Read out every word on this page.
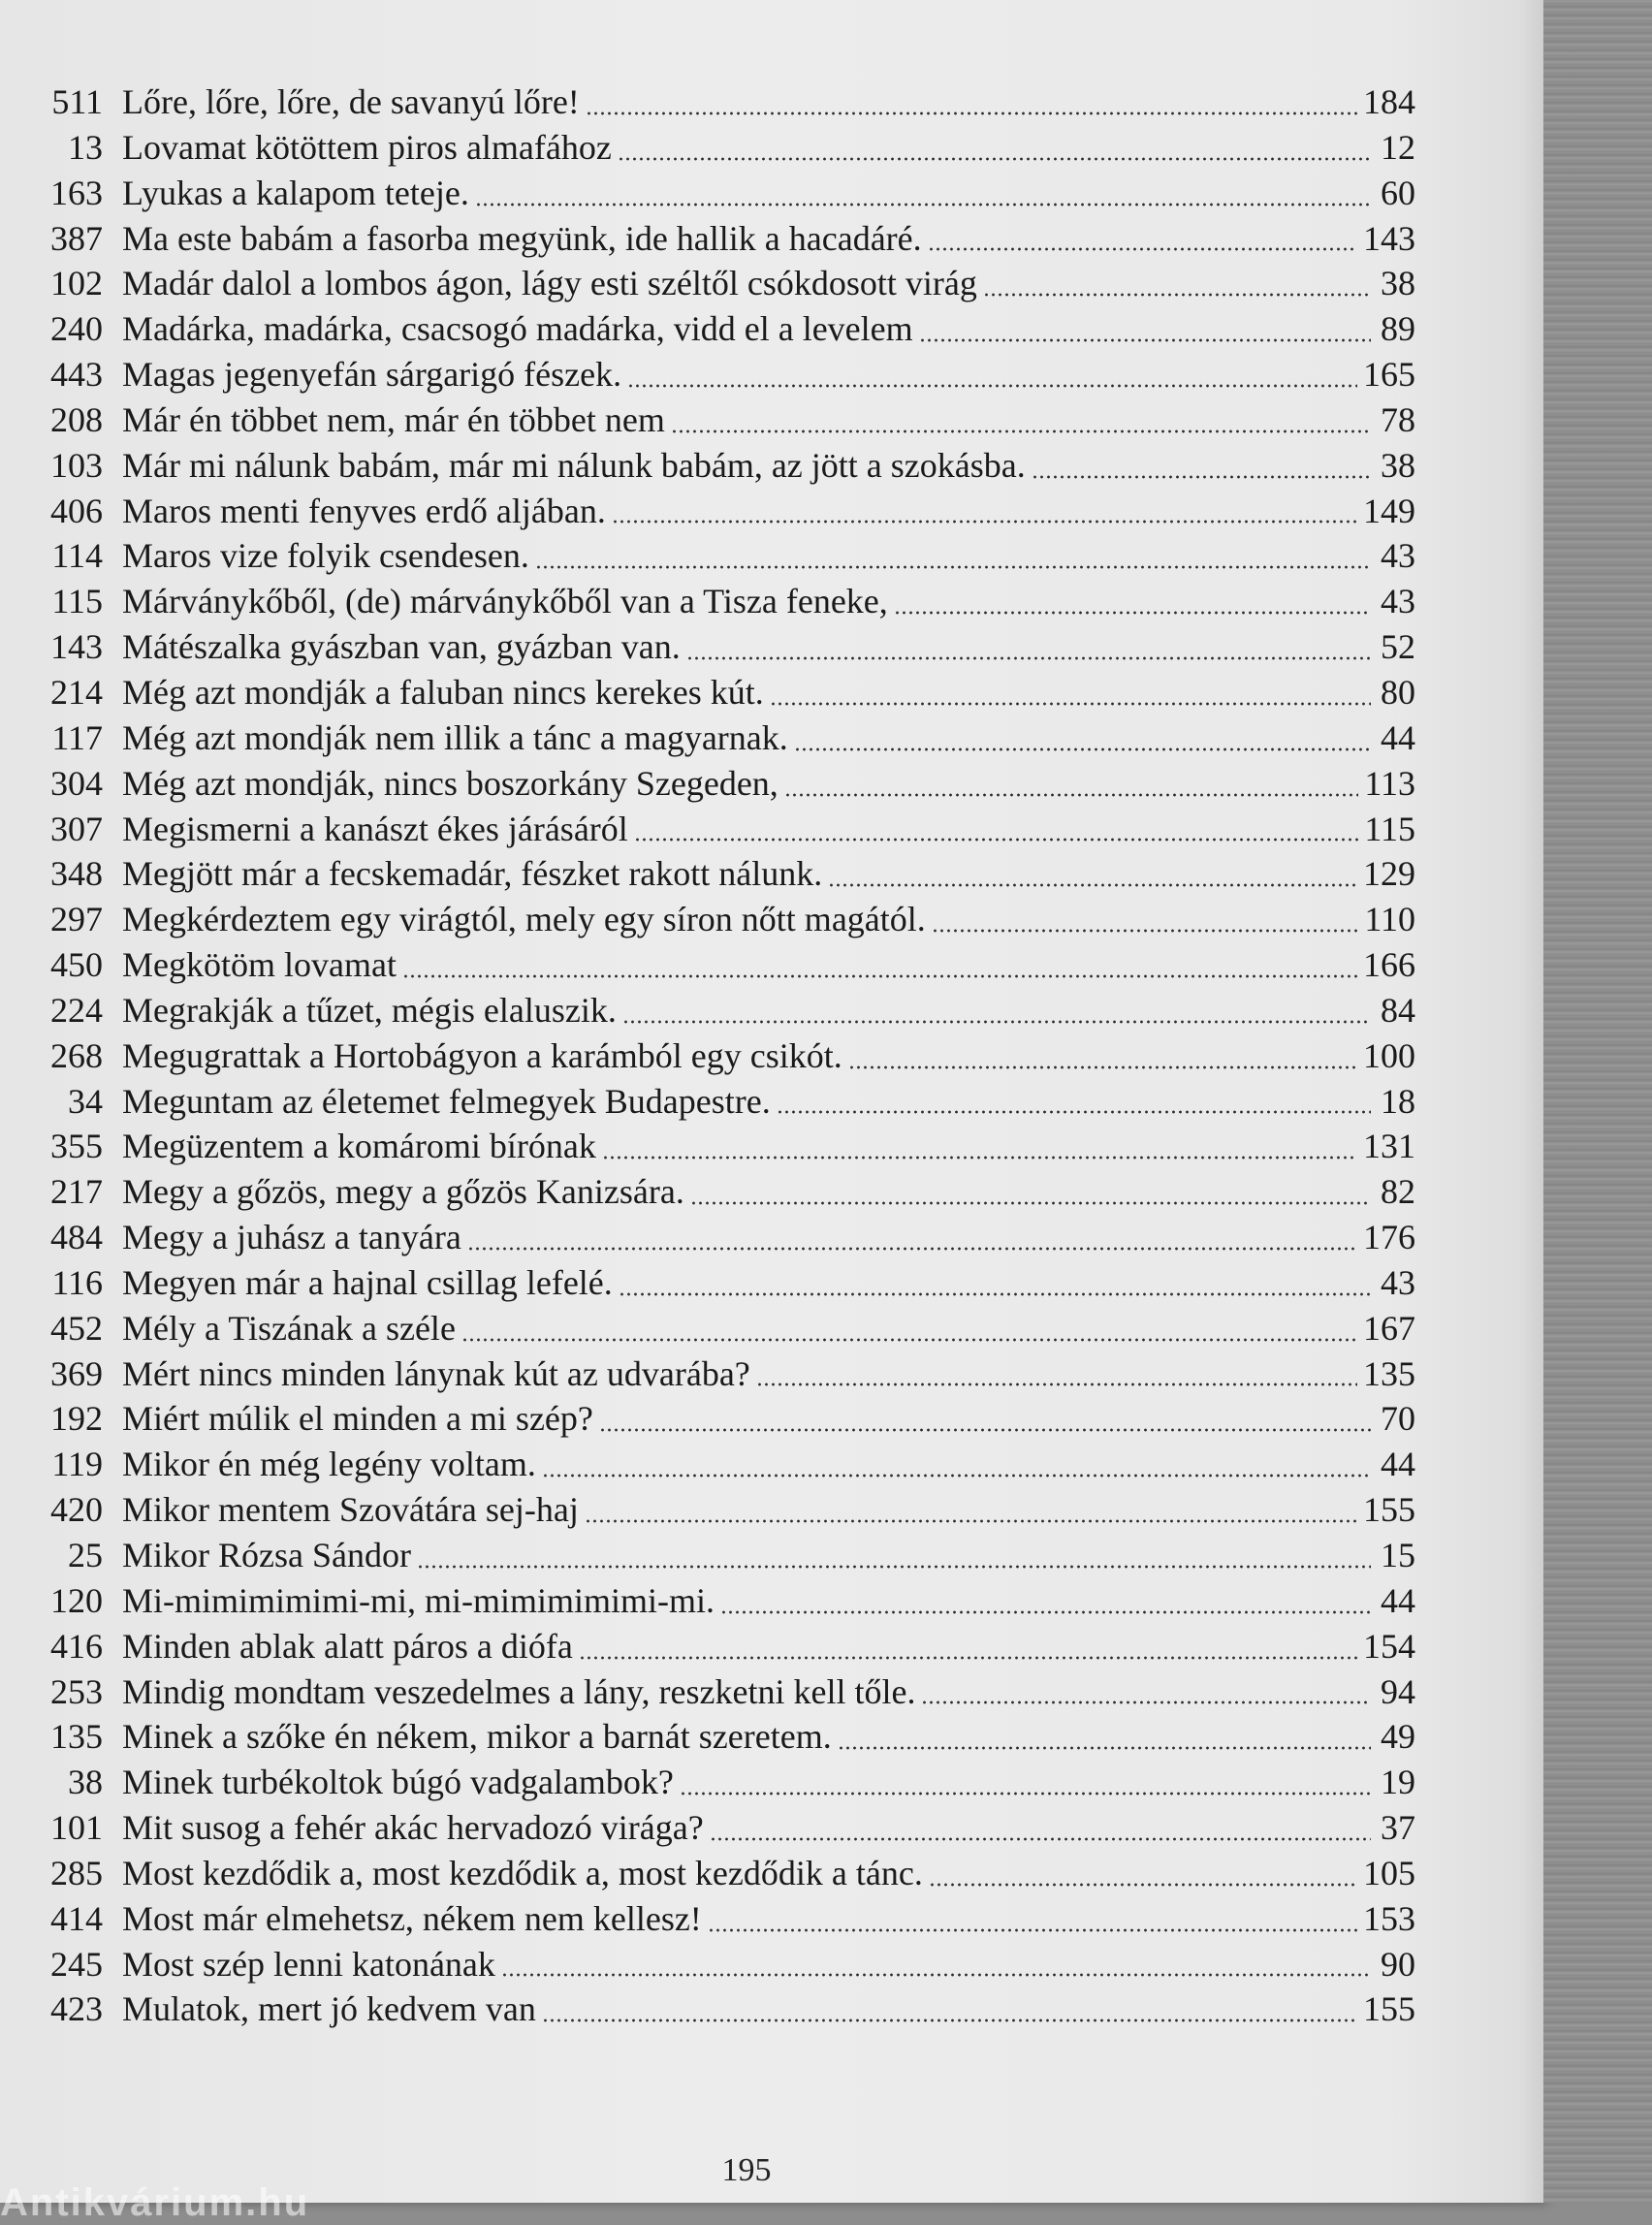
511 Lőre, lőre, lőre, de savanyú lőre!	184
13 Lovamat kötöttem piros almafához	12
163 Lyukas a kalapom teteje.	60
387 Ma este babám a fasorba megyünk, ide hallik a hacadáré.	143
102 Madár dalol a lombos ágon, lágy esti széltől csókdosott virág	38
240 Madárka, madárka, csacsogó madárka, vidd el a levelem	89
443 Magas jegenyefán sárgarigó fészek.	165
208 Már én többet nem, már én többet nem	78
103 Már mi nálunk babám, már mi nálunk babám, az jött a szokásba.	38
406 Maros menti fenyves erdő aljában.	149
114 Maros vize folyik csendesen.	43
115 Márványkőből, (de) márványkőből van a Tisza feneke,	43
143 Mátészalka gyászban van, gyázban van.	52
214 Még azt mondják a faluban nincs kerekes kút.	80
117 Még azt mondják nem illik a tánc a magyarnak.	44
304 Még azt mondják, nincs boszorkány Szegeden,	113
307 Megismerni a kanászt ékes járásáról	115
348 Megjött már a fecskemadár, fészket rakott nálunk.	129
297 Megkérdeztem egy virágtól, mely egy síron nőtt magától.	110
450 Megkötöm lovamat	166
224 Megrakják a tűzet, mégis elaluszik.	84
268 Megugrattak a Hortobágyon a karámból egy csikót.	100
34 Meguntam az életemet felmegyek Budapestre.	18
355 Megüzentem a komáromi bírónak	131
217 Megy a gőzös, megy a gőzös Kanizsára.	82
484 Megy a juhász a tanyára	176
116 Megyen már a hajnal csillag lefelé.	43
452 Mély a Tiszának a széle	167
369 Mért nincs minden lánynak kút az udvarába?	135
192 Miért múlik el minden a mi szép?	70
119 Mikor én még legény voltam.	44
420 Mikor mentem Szovátára sej-haj	155
25 Mikor Rózsa Sándor	15
120 Mi-mimimimimi-mi, mi-mimimimimi-mi.	44
416 Minden ablak alatt páros a diófa	154
253 Mindig mondtam veszedelmes a lány, reszketni kell tőle.	94
135 Minek a szőke én nékem, mikor a barnát szeretem.	49
38 Minek turbékoltok búgó vadgalambok?	19
101 Mit susog a fehér akác hervadozó virága?	37
285 Most kezdődik a, most kezdődik a, most kezdődik a tánc.	105
414 Most már elmehetsz, nékem nem kellesz!	153
245 Most szép lenni katonának	90
423 Mulatok, mert jó kedvem van	155
195
Antikvárium.hu
